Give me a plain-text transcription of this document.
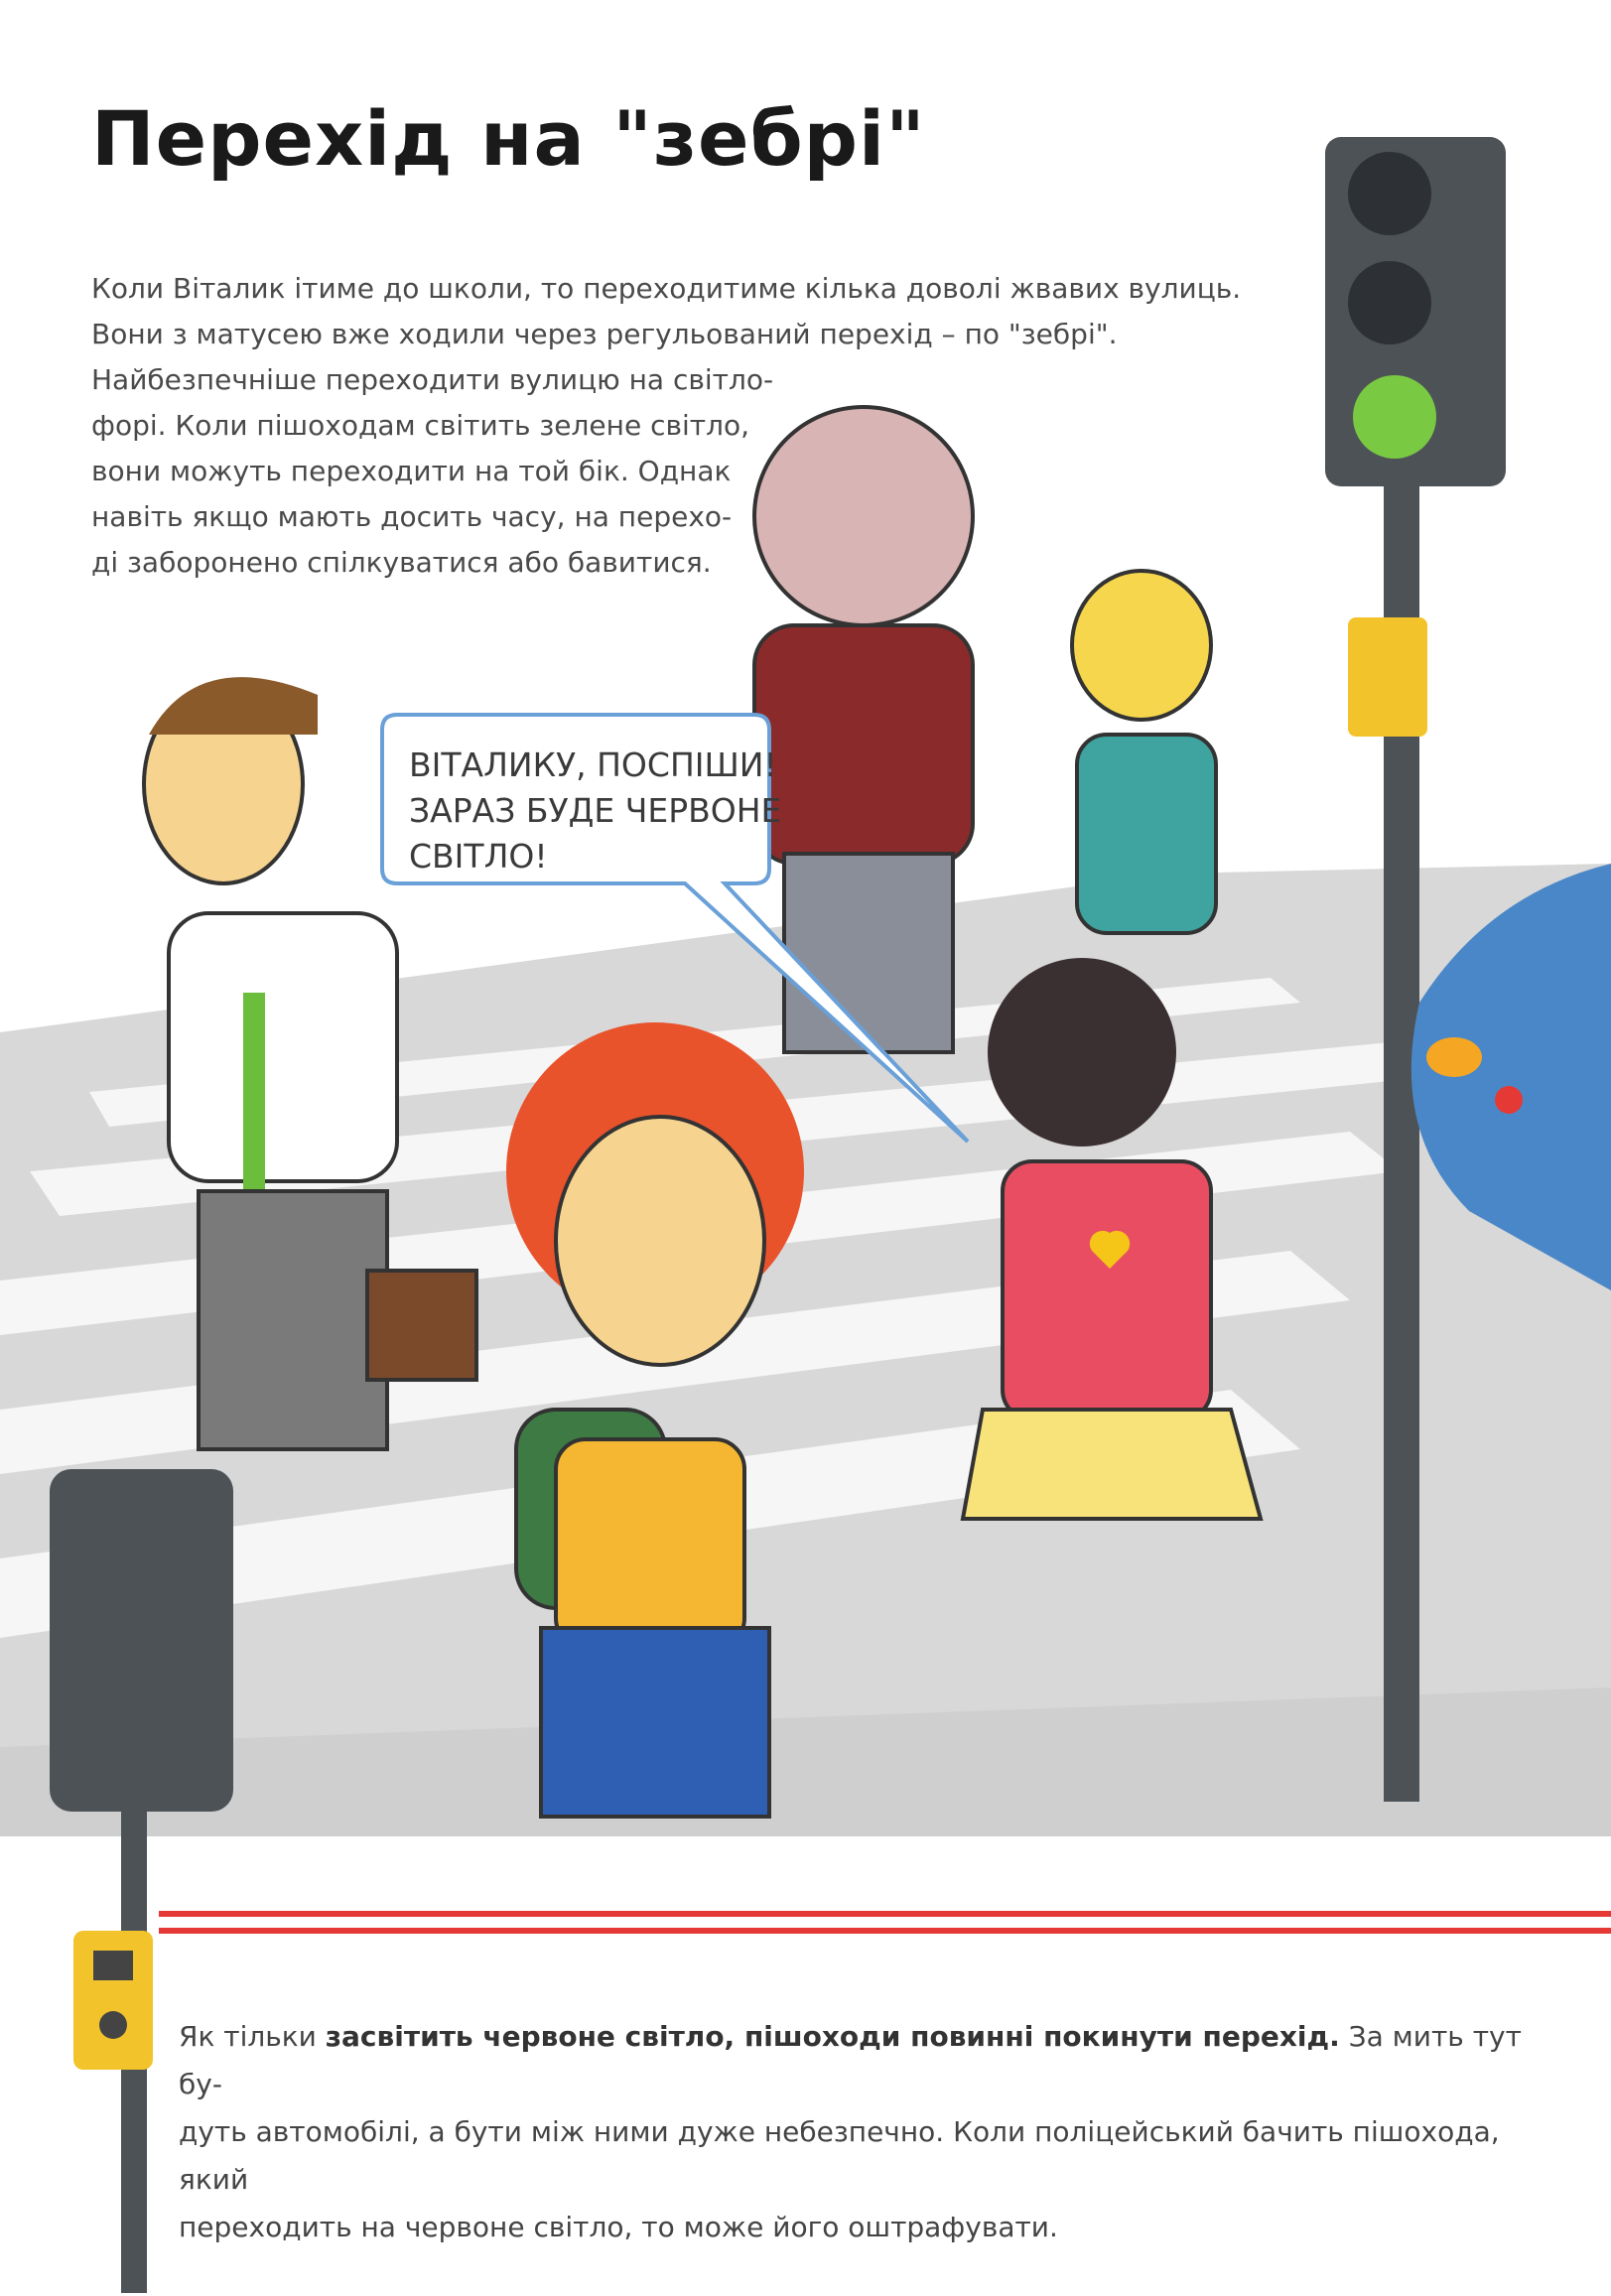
Перехід на "зебрі"
Коли Віталик ітиме до школи, то переходитиме кілька доволі жвавих вулиць.
Вони з матусею вже ходили через регульований перехід – по "зебрі".
Найбезпечніше переходити вулицю на світло-
форі. Коли пішоходам світить зелене світло,
вони можуть переходити на той бік. Однак
навіть якщо мають досить часу, на перехо-
ді заборонено спілкуватися або бавитися.
ВІТАЛИКУ, ПОСПІШИ!
ЗАРАЗ БУДЕ ЧЕРВОНЕ
СВІТЛО!
Як тільки засвітить червоне світло, пішоходи повинні покинути перехід. За мить тут бу-
дуть автомобілі, а бути між ними дуже небезпечно. Коли поліцейський бачить пішохода, який
переходить на червоне світло, то може його оштрафувати.
